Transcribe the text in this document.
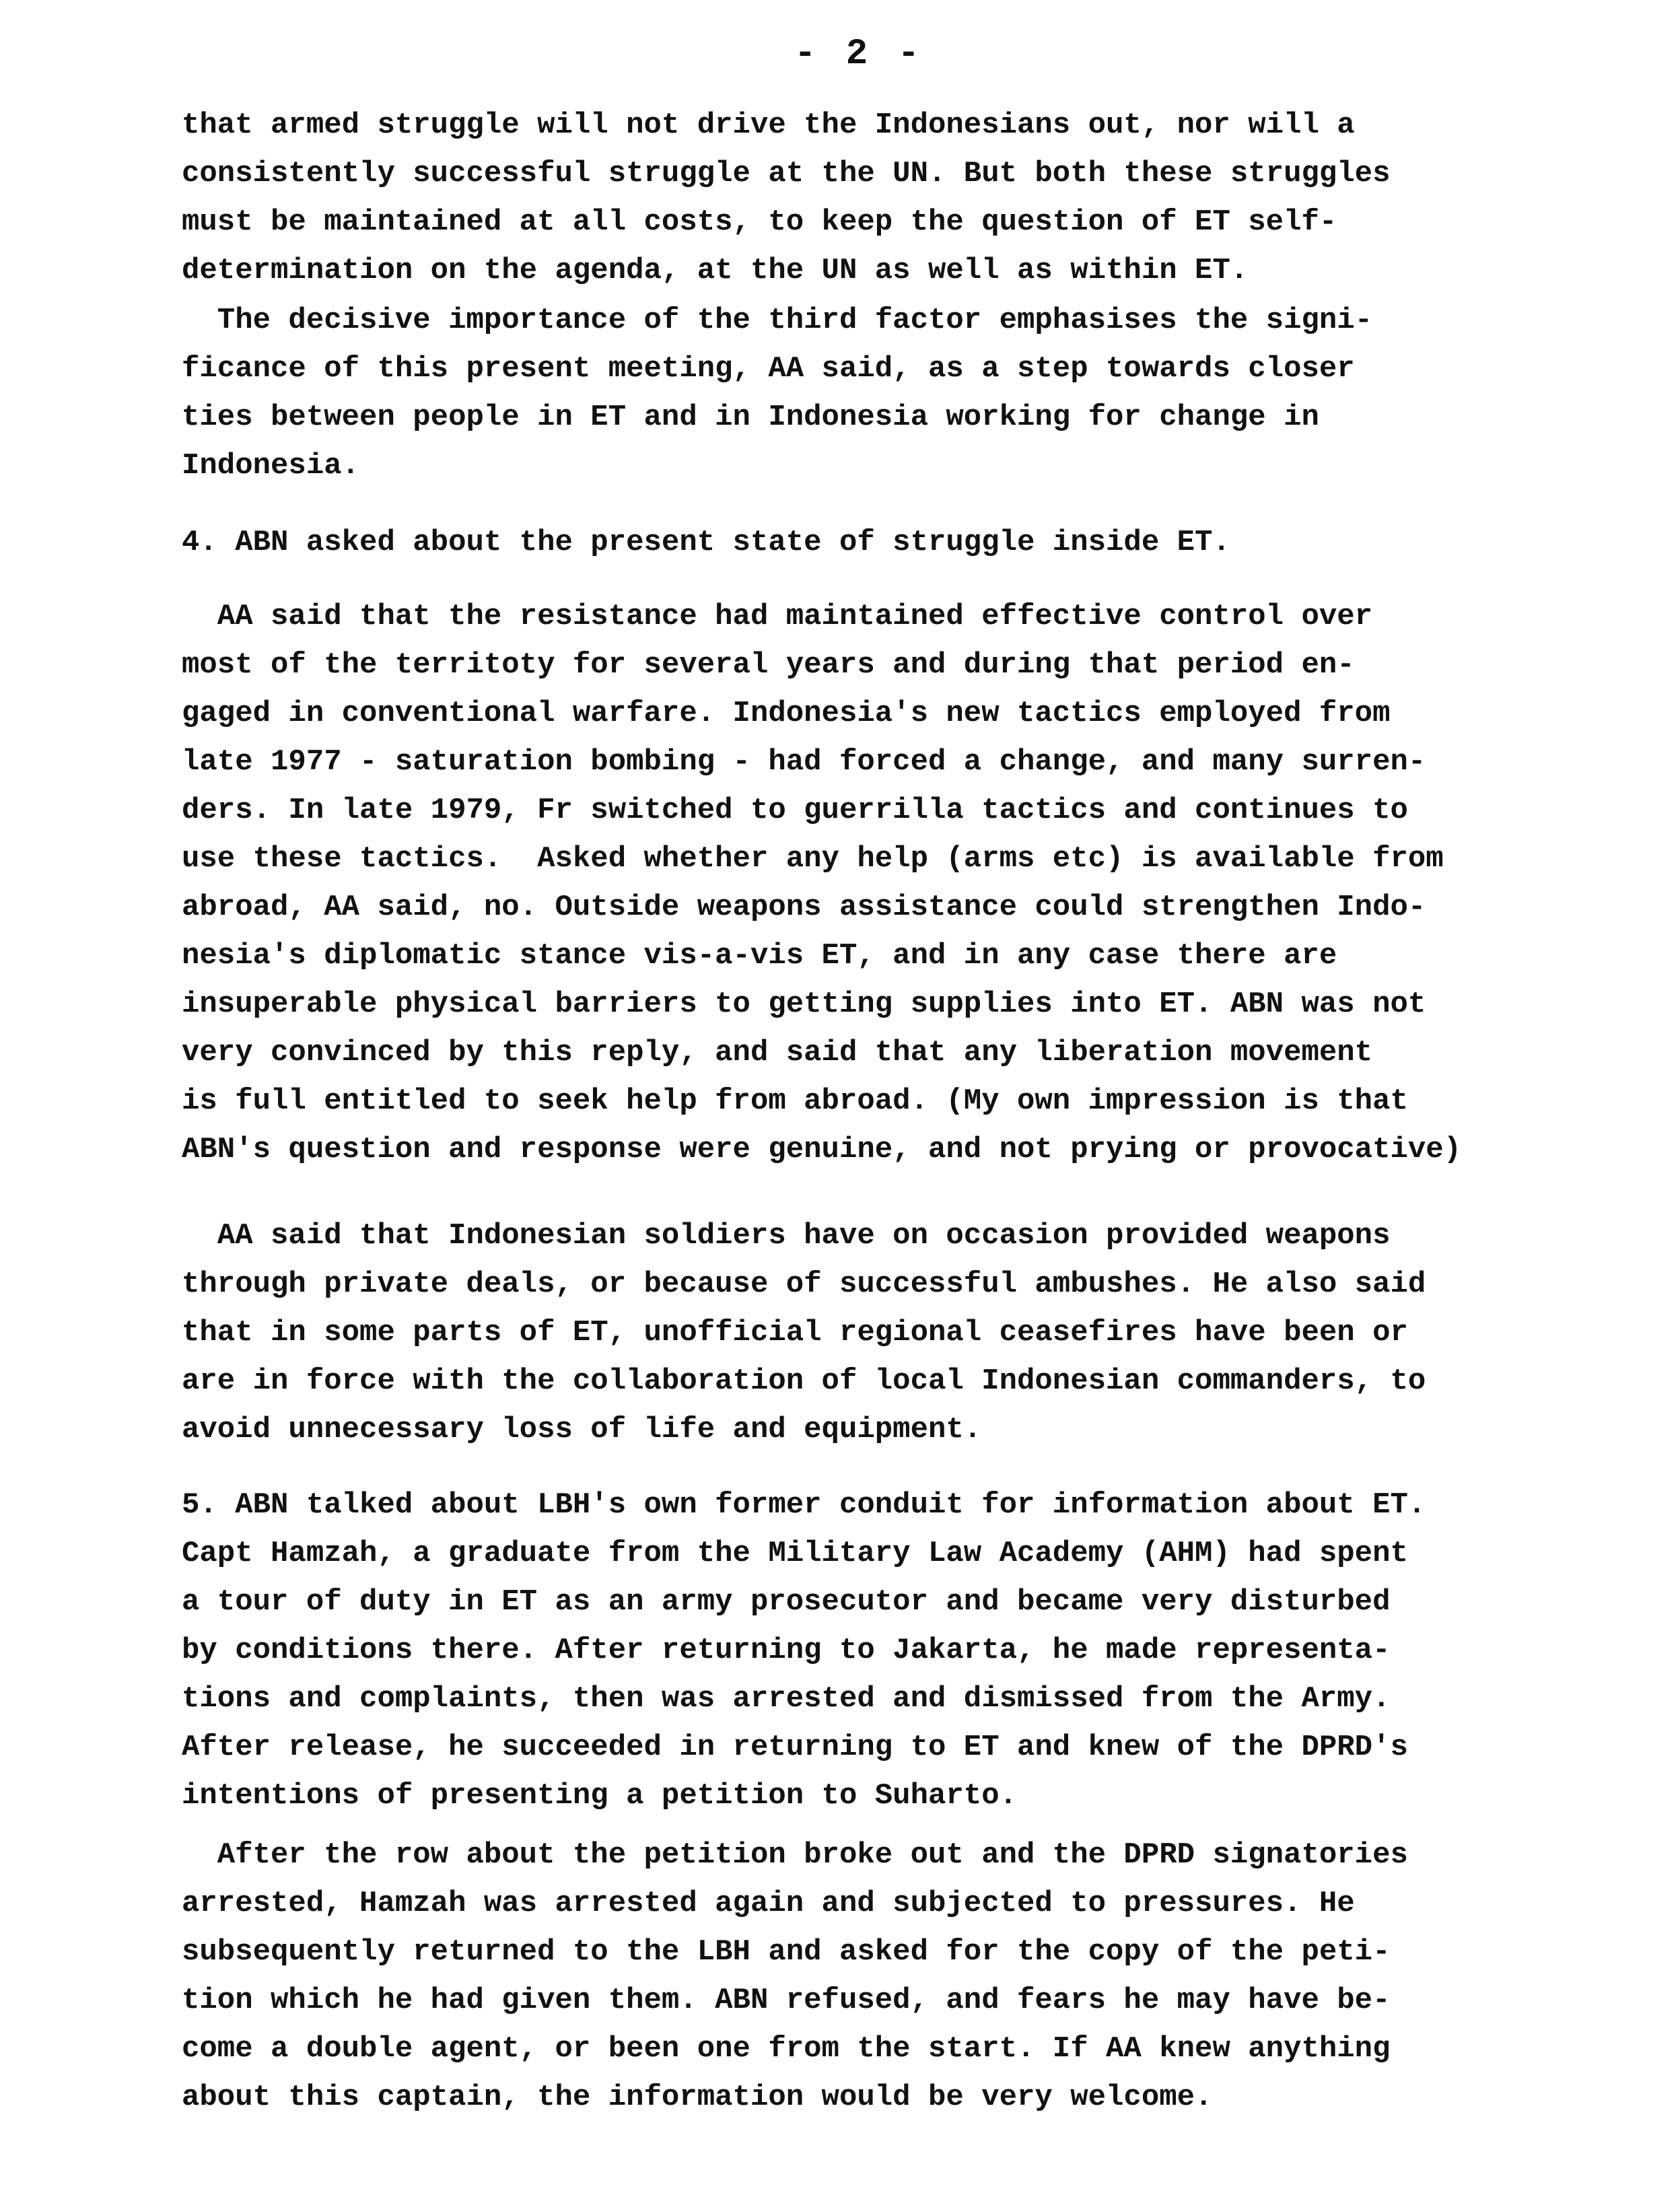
- 2 -
that armed struggle will not drive the Indonesians out, nor will a
consistently successful struggle at the UN. But both these struggles
must be maintained at all costs, to keep the question of ET self-
determination on the agenda, at the UN as well as within ET.
The decisive importance of the third factor emphasises the signi-
ficance of this present meeting, AA said, as a step towards closer
ties between people in ET and in Indonesia working for change in
Indonesia.
4. ABN asked about the present state of struggle inside ET.
AA said that the resistance had maintained effective control over
most of the territoty for several years and during that period en-
gaged in conventional warfare. Indonesia's new tactics employed from
late 1977 - saturation bombing - had forced a change, and many surren-
ders. In late 1979, Fr switched to guerrilla tactics and continues to
use these tactics.  Asked whether any help (arms etc) is available from
abroad, AA said, no. Outside weapons assistance could strengthen Indo-
nesia's diplomatic stance vis-a-vis ET, and in any case there are
insuperable physical barriers to getting supplies into ET. ABN was not
very convinced by this reply, and said that any liberation movement
is full entitled to seek help from abroad. (My own impression is that
ABN's question and response were genuine, and not prying or provocative)
AA said that Indonesian soldiers have on occasion provided weapons
through private deals, or because of successful ambushes. He also said
that in some parts of ET, unofficial regional ceasefires have been or
are in force with the collaboration of local Indonesian commanders, to
avoid unnecessary loss of life and equipment.
5. ABN talked about LBH's own former conduit for information about ET.
Capt Hamzah, a graduate from the Military Law Academy (AHM) had spent
a tour of duty in ET as an army prosecutor and became very disturbed
by conditions there. After returning to Jakarta, he made representa-
tions and complaints, then was arrested and dismissed from the Army.
After release, he succeeded in returning to ET and knew of the DPRD's
intentions of presenting a petition to Suharto.
After the row about the petition broke out and the DPRD signatories
arrested, Hamzah was arrested again and subjected to pressures. He
subsequently returned to the LBH and asked for the copy of the peti-
tion which he had given them. ABN refused, and fears he may have be-
come a double agent, or been one from the start. If AA knew anything
about this captain, the information would be very welcome.
